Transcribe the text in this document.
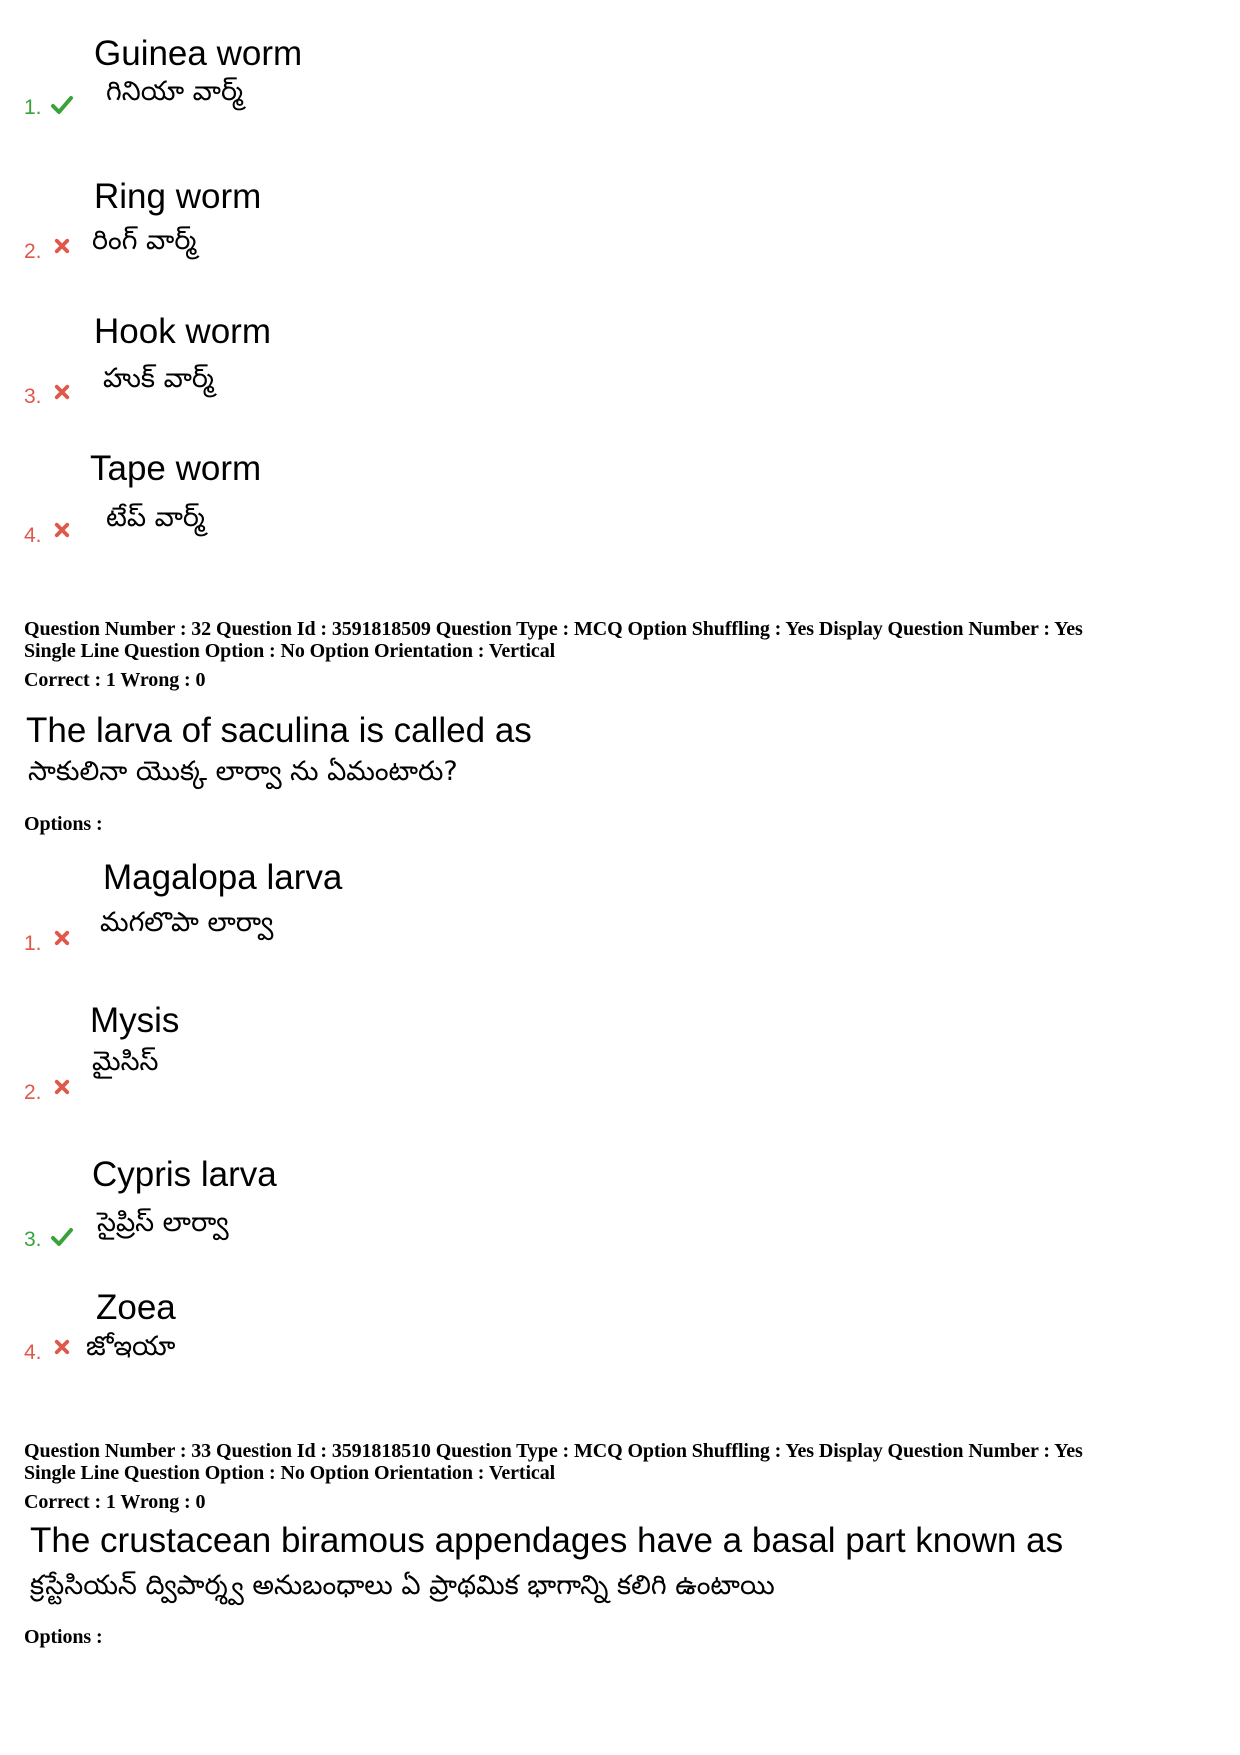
1.
Guinea worm
గినియా వార్మ్
2.
Ring worm
రింగ్ వార్మ్
3.
Hook worm
హుక్ వార్మ్
4.
Tape worm
టేప్ వార్మ్
Question Number : 32 Question Id : 3591818509 Question Type : MCQ Option Shuffling : Yes Display Question Number : Yes
Single Line Question Option : No Option Orientation : Vertical
Correct : 1 Wrong : 0
The larva of saculina is called as
సాకులినా యొక్క లార్వా ను ఏమంటారు?
Options :
1.
Magalopa larva
మగలొపా లార్వా
2.
Mysis
మైసిస్
3.
Cypris larva
సైప్రిస్ లార్వా
4.
Zoea
జోఇయా
Question Number : 33 Question Id : 3591818510 Question Type : MCQ Option Shuffling : Yes Display Question Number : Yes
Single Line Question Option : No Option Orientation : Vertical
Correct : 1 Wrong : 0
The crustacean biramous appendages have a basal part known as
క్రస్టేసియన్ ద్విపార్శ్వ అనుబంధాలు ఏ ప్రాథమిక భాగాన్ని కలిగి ఉంటాయి
Options :
